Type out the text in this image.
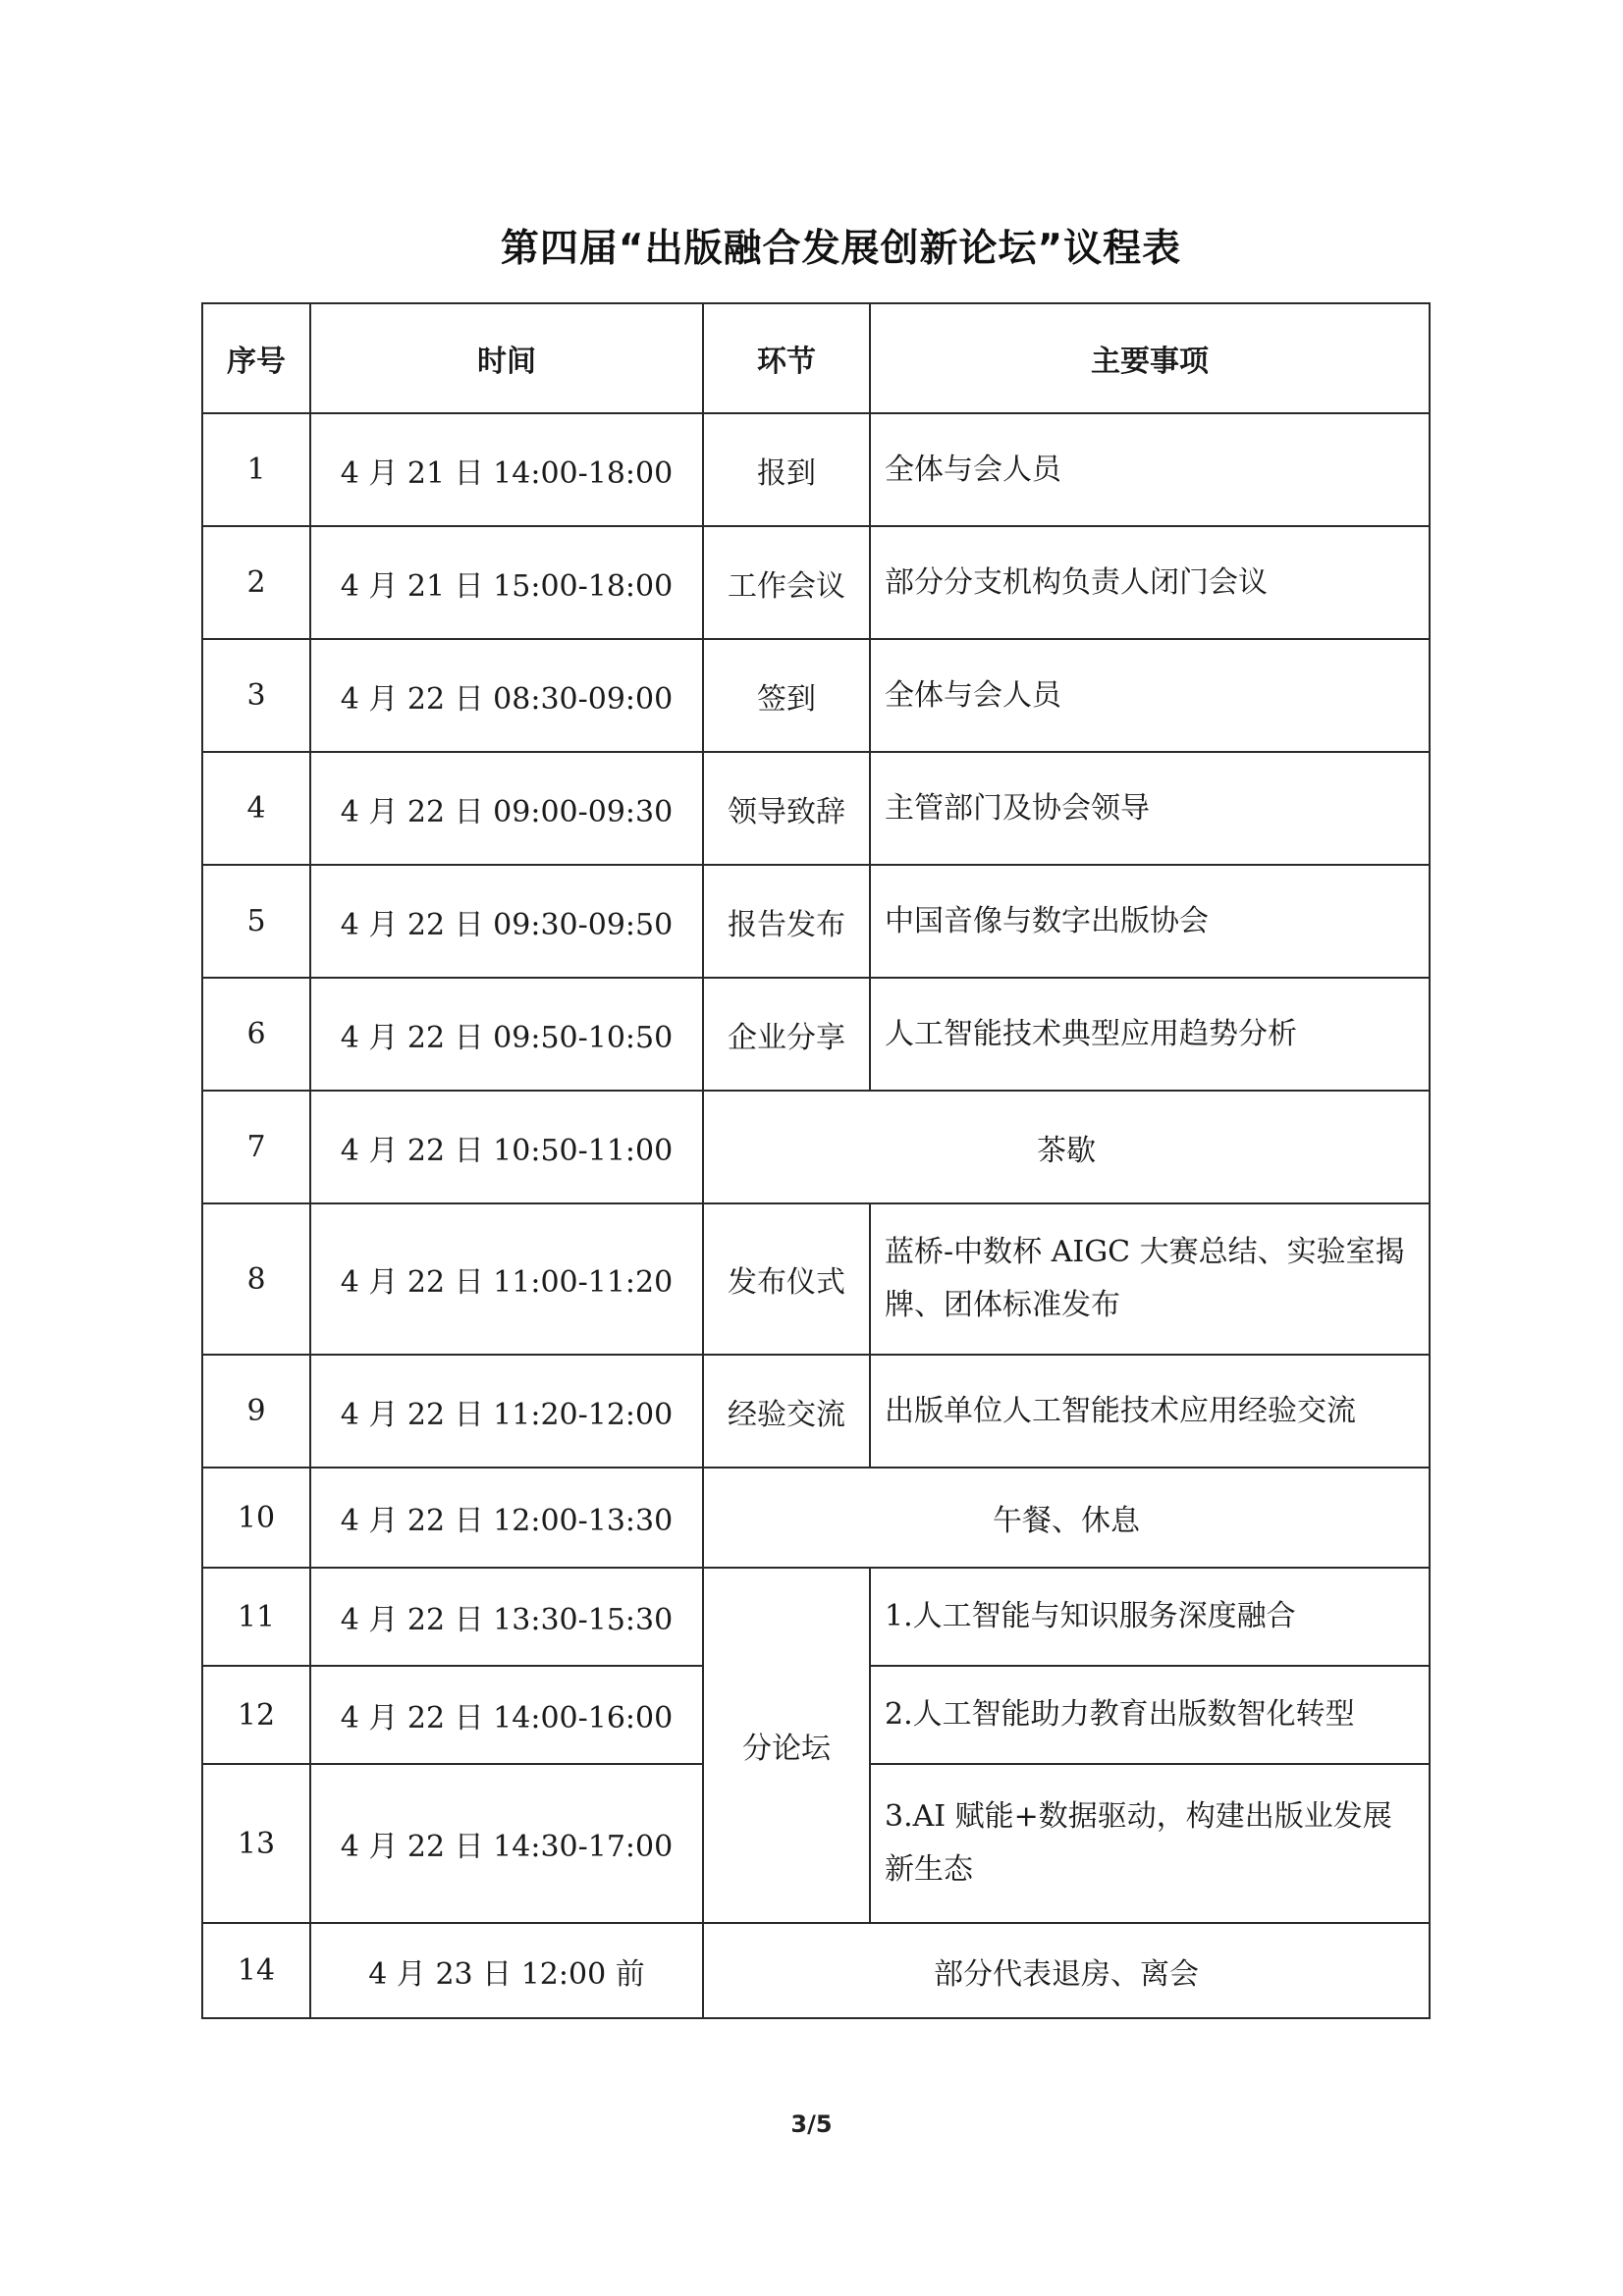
第四届“出版融合发展创新论坛”议程表
序号	时间	环节	主要事项
1	4 月 21 日 14:00-18:00	报到	全体与会人员
2	4 月 21 日 15:00-18:00	工作会议	部分分支机构负责人闭门会议
3	4 月 22 日 08:30-09:00	签到	全体与会人员
4	4 月 22 日 09:00-09:30	领导致辞	主管部门及协会领导
5	4 月 22 日 09:30-09:50	报告发布	中国音像与数字出版协会
6	4 月 22 日 09:50-10:50	企业分享	人工智能技术典型应用趋势分析
7	4 月 22 日 10:50-11:00	茶歇	
8	4 月 22 日 11:00-11:20	发布仪式	蓝桥-中数杯 AIGC 大赛总结、实验室揭牌、团体标准发布
9	4 月 22 日 11:20-12:00	经验交流	出版单位人工智能技术应用经验交流
10	4 月 22 日 12:00-13:30	午餐、休息	
11	4 月 22 日 13:30-15:30	分论坛	1.人工智能与知识服务深度融合
12	4 月 22 日 14:00-16:00		2.人工智能助力教育出版数智化转型
13	4 月 22 日 14:30-17:00		3.AI 赋能+数据驱动，构建出版业发展新生态
14	4 月 23 日 12:00 前	部分代表退房、离会	
3/5
